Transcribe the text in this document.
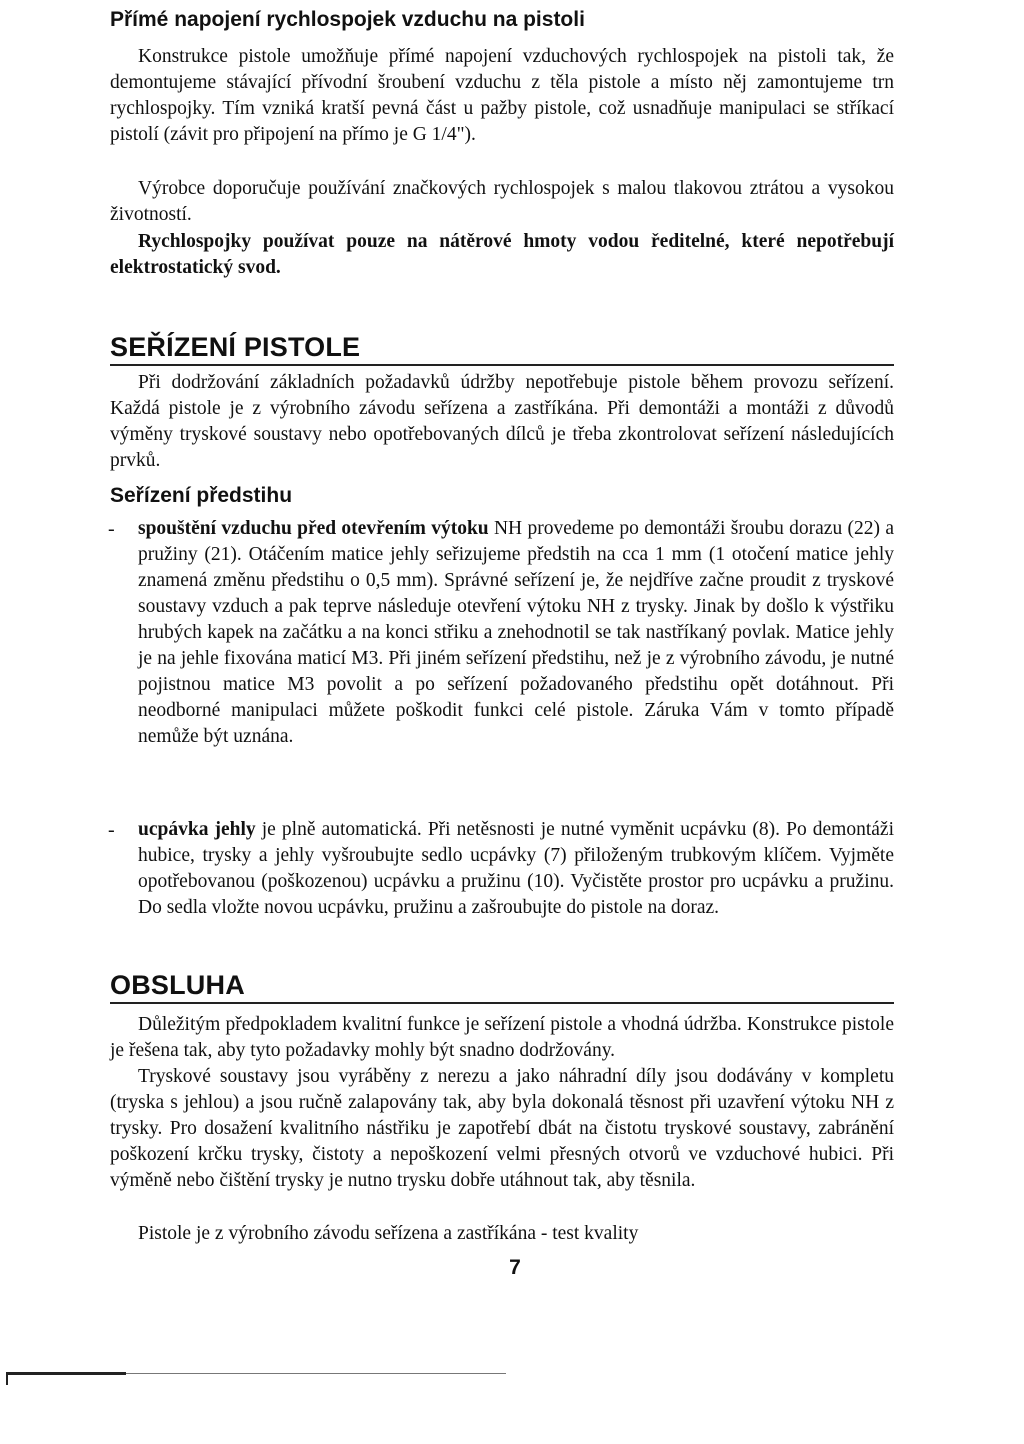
Přímé napojení rychlospojek vzduchu na pistoli

Konstrukce pistole umožňuje přímé napojení vzduchových rychlospojek na pistoli tak, že demontujeme stávající přívodní šroubení vzduchu z těla pistole a místo něj zamontujeme trn rychlospojky. Tím vzniká kratší pevná část u pažby pistole, což usnadňuje manipulaci se stříkací pistolí (závit pro připojení na přímo je G 1/4").

Výrobce doporučuje používání značkových rychlospojek s malou tlakovou ztrátou a vysokou životností.

Rychlospojky používat pouze na nátěrové hmoty vodou ředitelné, které nepotřebují elektrostatický svod.

SEŘÍZENÍ PISTOLE

Při dodržování základních požadavků údržby nepotřebuje pistole během provozu seřízení. Každá pistole je z výrobního závodu seřízena a zastříkána. Při demontáži a montáži z důvodů výměny tryskové soustavy nebo opotřebovaných dílců je třeba zkontrolovat seřízení následujících prvků.

Seřízení předstihu
- spouštění vzduchu před otevřením výtoku NH provedeme po demontáži šroubu dorazu (22) a pružiny (21). Otáčením matice jehly seřizujeme předstih na cca 1 mm (1 otočení matice jehly znamená změnu předstihu o 0,5 mm). Správné seřízení je, že nejdříve začne proudit z tryskové soustavy vzduch a pak teprve následuje otevření výtoku NH z trysky. Jinak by došlo k výstřiku hrubých kapek na začátku a na konci střiku a znehodnotil se tak nastříkaný povlak. Matice jehly je na jehle fixována maticí M3. Při jiném seřízení předstihu, než je z výrobního závodu, je nutné pojistnou matice M3 povolit a po seřízení požadovaného předstihu opět dotáhnout. Při neodborné manipulaci můžete poškodit funkci celé pistole. Záruka Vám v tomto případě nemůže být uznána.

- ucpávka jehly je plně automatická. Při netěsnosti je nutné vyměnit ucpávku (8). Po demontáži hubice, trysky a jehly vyšroubujte sedlo ucpávky (7) přiloženým trubkovým klíčem. Vyjměte opotřebovanou (poškozenou) ucpávku a pružinu (10). Vyčistěte prostor pro ucpávku a pružinu. Do sedla vložte novou ucpávku, pružinu a zašroubujte do pistole na doraz.

OBSLUHA

Důležitým předpokladem kvalitní funkce je seřízení pistole a vhodná údržba. Konstrukce pistole je řešena tak, aby tyto požadavky mohly být snadno dodržovány.

Tryskové soustavy jsou vyráběny z nerezu a jako náhradní díly jsou dodávány v kompletu (tryska s jehlou) a jsou ručně zalapovány tak, aby byla dokonalá těsnost při uzavření výtoku NH z trysky. Pro dosažení kvalitního nástřiku je zapotřebí dbát na čistotu tryskové soustavy, zabránění poškození krčku trysky, čistoty a nepoškození velmi přesných otvorů ve vzduchové hubici. Při výměně nebo čištění trysky je nutno trysku dobře utáhnout tak, aby těsnila.

Pistole je z výrobního závodu seřízena a zastříkána - test kvality

7
